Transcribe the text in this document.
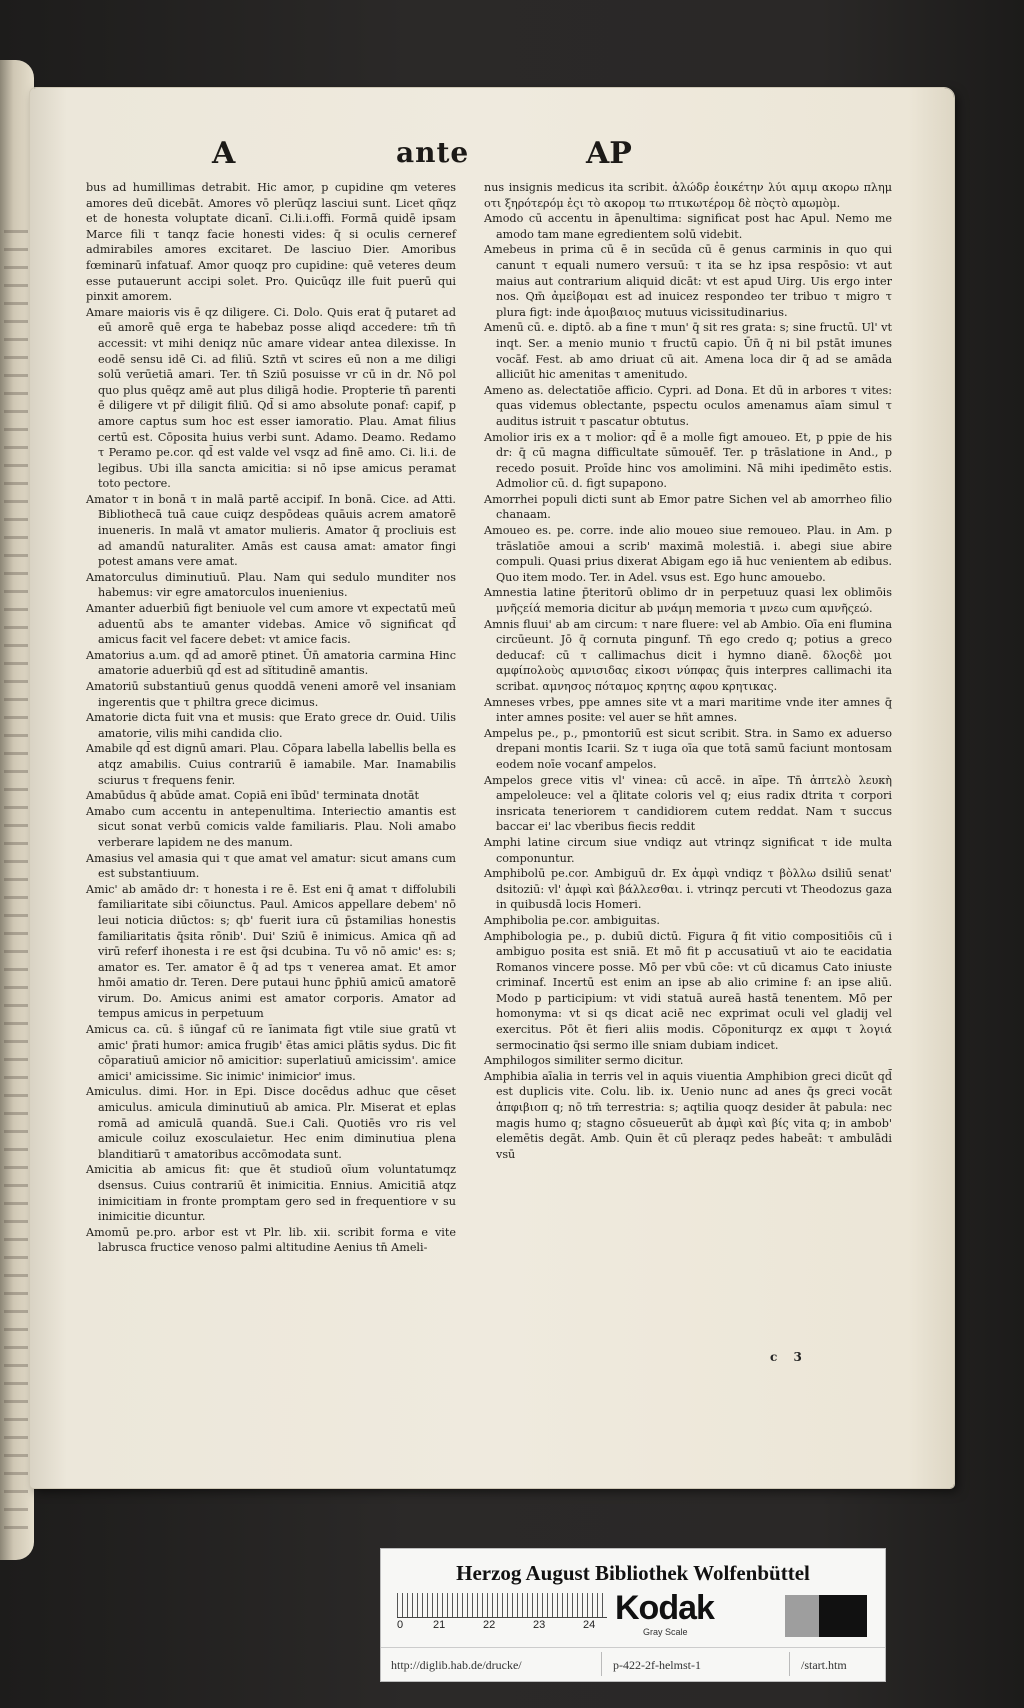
A	ante	AP

bus ad humillimas detrabit. Hic amor, p cupidine qm veteres amores deū dicebāt. Amores vō plerūqz lasciui sunt. Licet qñqz et de honesta voluptate dicanī. Ci.li.i.offi. Formā quidē ipsam Marce fili τ tanqz facie honesti vides: q̄ si oculis cerneref admirabiles amores excitaret. De lasciuo Dier. Amoribus fœminarū infatuaf. Amor quoqz pro cupidine: quē veteres deum esse putauerunt accipi solet. Pro. Quicūqz ille fuit puerū qui pinxit amorem.

Amare maioris vis ē qz diligere. Ci. Dolo. Quis erat q̄ putaret ad eū amorē quē erga te habebaz posse aliqd accedere: tm̄ tn̄ accessit: vt mihi deniqz nūc amare videar antea dilexisse. In eodē sensu idē Ci. ad filiū. Sztn̄ vt scires eū non a me diligi solū verūetiā amari. Ter. tn̄ Sziū posuisse vr cū in dr. Nō pol quo plus quēqz amē aut plus diligā hodie. Propterie tn̄ parenti ē diligere vt pr̄ diligit filiū. Qd̄ si amo absolute ponaf: capif, p amore captus sum hoc est esser iamoratio. Plau. Amat filius certū est. Cōposita huius verbi sunt. Adamo. Deamo. Redamo τ Peramo pe.cor. qd̄ est valde vel vsqz ad finē amo. Ci. li.i. de legibus. Ubi illa sancta amicitia: si nō ipse amicus peramat toto pectore.

Amator τ in bonā τ in malā partē accipif. In bonā. Cice. ad Atti. Bibliothecā tuā caue cuiqz despōdeas quāuis acrem amatorē inueneris. In malā vt amator mulieris. Amator q̄ procliuis est ad amandū naturaliter. Amās est causa amat: amator fingi potest amans vere amat.

Amatorculus diminutiuū. Plau. Nam qui sedulo munditer nos habemus: vir egre amatorculos inuenienius.

Amanter aduerbiū figt beniuole vel cum amore vt expectatū meū aduentū abs te amanter videbas. Amice vō significat qd̄ amicus facit vel facere debet: vt amice facis.

Amatorius a.um. qd̄ ad amorē ptinet. Ūn̄ amatoria carmina Hinc amatorie aduerbiū qd̄ est ad sĭtitudinē amantis.

Amatoriū substantiuū genus quoddā veneni amorē vel insaniam ingerentis que τ philtra grece dicimus.

Amatorie dicta fuit vna et musis: que Erato grece dr. Ouid. Uilis amatorie, vilis mihi candida clio.

Amabile qd̄ est dignū amari. Plau. Cōpara labella labellis bella es atqz amabilis. Cuius contrariū ē iamabile. Mar. Inamabilis sciurus τ frequens fenir.

Amabūdus q̄ abūde amat. Copiā eni ībūd' terminata dnotāt

Amabo cum accentu in antepenultima. Interiectio amantis est sicut sonat verbū comicis valde familiaris. Plau. Noli amabo verberare lapidem ne des manum.

Amasius vel amasia qui τ que amat vel amatur: sicut amans cum est substantiuum.

Amic' ab amādo dr: τ honesta i re ē. Est eni q̄ amat τ diffolubili familiaritate sibi cōiunctus. Paul. Amicos appellare debem' nō leui noticia diūctos: s; qb' fuerit iura cū p̄stamilias honestis familiaritatis q̄sita rōnib'. Dui' Sziū ē inimicus. Amica qñ ad virū referf ihonesta i re est q̄si dcubina. Tu vō nō amic' es: s; amator es. Ter. amator ē q̄ ad tps τ venerea amat. Et amor hmōi amatio dr. Teren. Dere putaui hunc p̄phiū amicū amatorē virum. Do. Amicus animi est amator corporis. Amator ad tempus amicus in perpetuum

Amicus ca. cū. s̄ iūngaf cū re īanimata figt vtile siue gratū vt amic' p̄rati humor: amica frugib' ētas amici plātis sydus. Dic fit cōparatiuū amicior nō amicitior: superlatiuū amicissim'. amice amici' amicissime. Sic inimic' inimicior' imus.

Amiculus. dimi. Hor. in Epi. Disce docēdus adhuc que cēset amiculus. amicula diminutiuū ab amica. Plr. Miserat et eplas romā ad amiculā quandā. Sue.i Cali. Quotiēs vro ris vel amicule coiluz exosculaietur. Hec enim diminutiua plena blanditiarū τ amatoribus accōmodata sunt.

Amicitia ab amicus fit: que ēt studioū oīum voluntatumqz dsensus. Cuius contrariū ēt inimicitia. Ennius. Amicitiā atqz inimicitiam in fronte promptam gero sed in frequentiore v su inimicitie dicuntur.

Amomū pe.pro. arbor est vt Plr. lib. xii. scribit forma e vite labrusca fructice venoso palmi altitudine Aenius tn̄ Ameli-

nus insignis medicus ita scribit. ἀλώδρ ἐοικέτην λύι αμιμ ακορω πλημ οτι ξηρότερόμ ἐςι τὸ ακορομ τω πτικωτέρομ δὲ πὸςτὸ αμωμὸμ.

Amodo cū accentu in āpenultima: significat post hac Apul. Nemo me amodo tam mane egredientem solū videbit.

Amebeus in prima cū ē in secūda cū ē genus carminis in quo qui canunt τ equali numero versuū: τ ita se hz ipsa respōsio: vt aut maius aut contrarium aliquid dicāt: vt est apud Uirg. Uis ergo inter nos. Qm̄ ἀμεἰβομαι est ad inuicez respondeo ter tribuo τ migro τ plura figt: inde ἀμοιβαιος mutuus vicissitudinarius.

Amenū cū. e. diptō. ab a fine τ mun' q̄ sit res grata: s; sine fructū. Ul' vt inqt. Ser. a menio munio τ fructū capio. Ūn̄ q̄ ni bil pstāt imunes vocāf. Fest. ab amo driuat cū ait. Amena loca dir q̄ ad se amāda alliciūt hic amenitas τ amenitudo.

Ameno as. delectatiōe afficio. Cypri. ad Dona. Et dū in arbores τ vites: quas videmus oblectante, pspectu oculos amenamus aīam simul τ auditus istruit τ pascatur obtutus.

Amolior iris ex a τ molior: qd̄ ē a molle figt amoueo. Et, p ppie de his dr: q̄ cū magna difficultate sūmouēf. Ter. p trāslatione in And., p recedo posuit. Proīde hinc vos amolimini. Nā mihi ipedimēto estis. Admolior cū. d. figt supapono.

Amorrhei populi dicti sunt ab Emor patre Sichen vel ab amorrheo filio chanaam.

Amoueo es. pe. corre. inde alio moueo siue remoueo. Plau. in Am. p trāslatiōe amoui a scrib' maximā molestiā. i. abegi siue abire compuli. Quasi prius dixerat Abigam ego iā huc venientem ab edibus. Quo item modo. Ter. in Adel. vsus est. Ego hunc amouebo.

Amnestia latine p̄teritorū oblimo dr in perpetuuz quasi lex oblimōis μνῆςείά memoria dicitur ab μνάμη memoria τ μνεω cum αμνῆςεώ.

Amnis fluui' ab am circum: τ nare fluere: vel ab Ambio. Oīa eni flumina circūeunt. Jō q̄ cornuta pingunf. Tn̄ ego credo q; potius a greco deducaf: cū τ callimachus dicit i hymno dianē. δλοςδὲ μοι αμφίπολοὺς αμνισιδας εἰκοσι νύπφας q̄uis interpres callimachi ita scribat. αμνησος πόταμος κρητης αφου κρητικας.

Amneses vrbes, ppe amnes site vt a mari maritime vnde iter amnes q̄ inter amnes posite: vel auer se hñt amnes.

Ampelus pe., p., pmontoriū est sicut scribit. Stra. in Samo ex aduerso drepani montis Icarii. Sz τ iuga oīa que totā samū faciunt montosam eodem noīe vocanf ampelos.

Ampelos grece vitis vl' vinea: cū accē. in aīpe. Tn̄ ἀπτελὸ λευκὴ ampeloleuce: vel a q̄litate coloris vel q; eius radix dtrita τ corpori insricata teneriorem τ candidiorem cutem reddat. Nam τ succus baccar ei' lac vberibus fiecis reddit

Amphi latine circum siue vndiqz aut vtrinqz significat τ ide multa componuntur.

Amphibolū pe.cor. Ambiguū dr. Ex ἀμφὶ vndiqz τ βὸλλω dsiliū senat' dsitoziū: vl' ἀμφὶ καὶ βάλλεσθαι. i. vtrinqz percuti vt Theodozus gaza in quibusdā locis Homeri.

Amphibolia pe.cor. ambiguitas.

Amphibologia pe., p. dubiū dictū. Figura q̄ fit vitio compositiōis cū i ambiguo posita est sniā. Et mō fit p accusatiuū vt aio te eacidatia Romanos vincere posse. Mō per vbū cōe: vt cū dicamus Cato iniuste criminaf. Incertū est enim an ipse ab alio crimine f: an ipse aliū. Modo p participium: vt vidi statuā aureā hastā tenentem. Mō per homonyma: vt si qs dicat aciē nec exprimat oculi vel gladij vel exercitus. Pōt ēt fieri aliis modis. Cōponiturqz ex αμφι τ λογιά sermocinatio q̄si sermo ille sniam dubiam indicet.

Amphilogos similiter sermo dicitur.

Amphibia aīalia in terris vel in aquis viuentia Amphibion greci dicūt qd̄ est duplicis vite. Colu. lib. ix. Uenio nunc ad anes q̄s greci vocāt ἀπφιβιοπ q; nō tm̄ terrestria: s; aqtilia quoqz desider āt pabula: nec magis humo q; stagno cōsueuerūt ab ἀμφὶ καὶ βίς vita q; in ambob' elemētis degāt. Amb. Quin ēt cū pleraqz pedes habeāt: τ ambulādi vsū

c 3
Herzog August Bibliothek Wolfenbüttel
0	21	22	23	24 Kodak
Gray Scale
http://diglib.hab.de/drucke/	p-422-2f-helmst-1	/start.htm
